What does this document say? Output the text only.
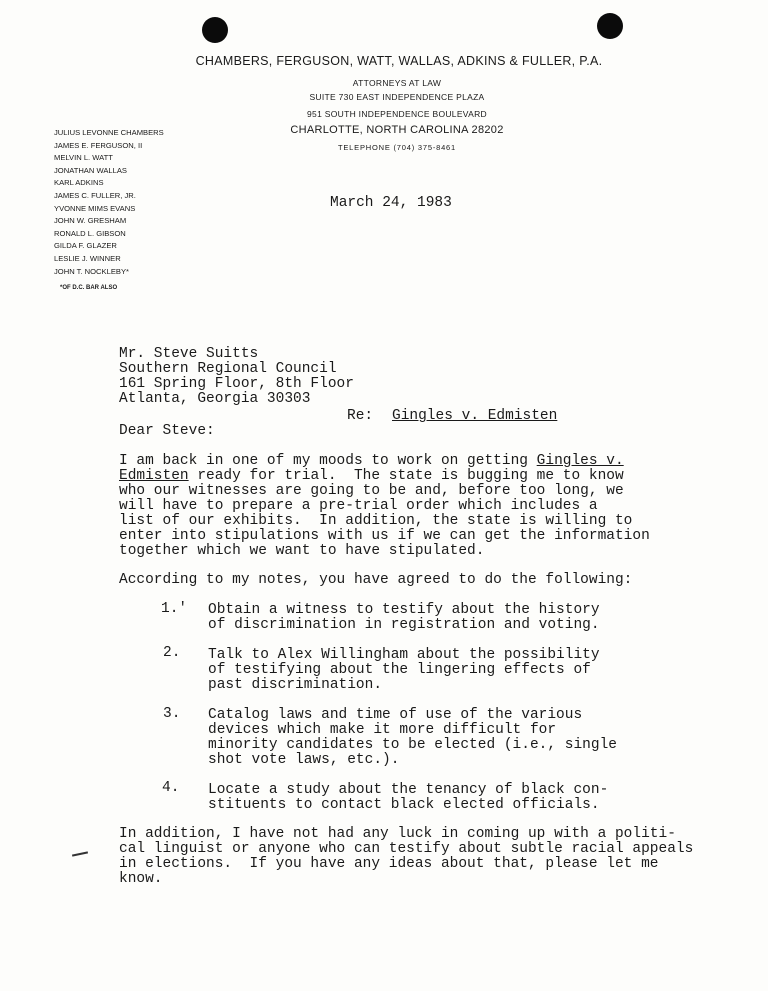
CHAMBERS, FERGUSON, WATT, WALLAS, ADKINS & FULLER, P.A.
ATTORNEYS AT LAW
SUITE 730 EAST INDEPENDENCE PLAZA
951 SOUTH INDEPENDENCE BOULEVARD
CHARLOTTE, NORTH CAROLINA 28202
TELEPHONE (704) 375-8461
JULIUS LEVONNE CHAMBERS
JAMES E. FERGUSON, II
MELVIN L. WATT
JONATHAN WALLAS
KARL ADKINS
JAMES C. FULLER, JR.
YVONNE MIMS EVANS
JOHN W. GRESHAM
RONALD L. GIBSON
GILDA F. GLAZER
LESLIE J. WINNER
JOHN T. NOCKLEBY*
*OF D.C. BAR ALSO
March 24, 1983
Mr. Steve Suitts
Southern Regional Council
161 Spring Floor, 8th Floor
Atlanta, Georgia 30303
Re: Gingles v. Edmisten
Dear Steve:
I am back in one of my moods to work on getting Gingles v.
Edmisten ready for trial.  The state is bugging me to know
who our witnesses are going to be and, before too long, we
will have to prepare a pre-trial order which includes a
list of our exhibits.  In addition, the state is willing to
enter into stipulations with us if we can get the information
together which we want to have stipulated.
According to my notes, you have agreed to do the following:
1.' Obtain a witness to testify about the history
of discrimination in registration and voting.
2. Talk to Alex Willingham about the possibility
of testifying about the lingering effects of
past discrimination.
3. Catalog laws and time of use of the various
devices which make it more difficult for
minority candidates to be elected (i.e., single
shot vote laws, etc.).
4. Locate a study about the tenancy of black con-
stituents to contact black elected officials.
In addition, I have not had any luck in coming up with a politi-
cal linguist or anyone who can testify about subtle racial appeals
in elections.  If you have any ideas about that, please let me
know.
